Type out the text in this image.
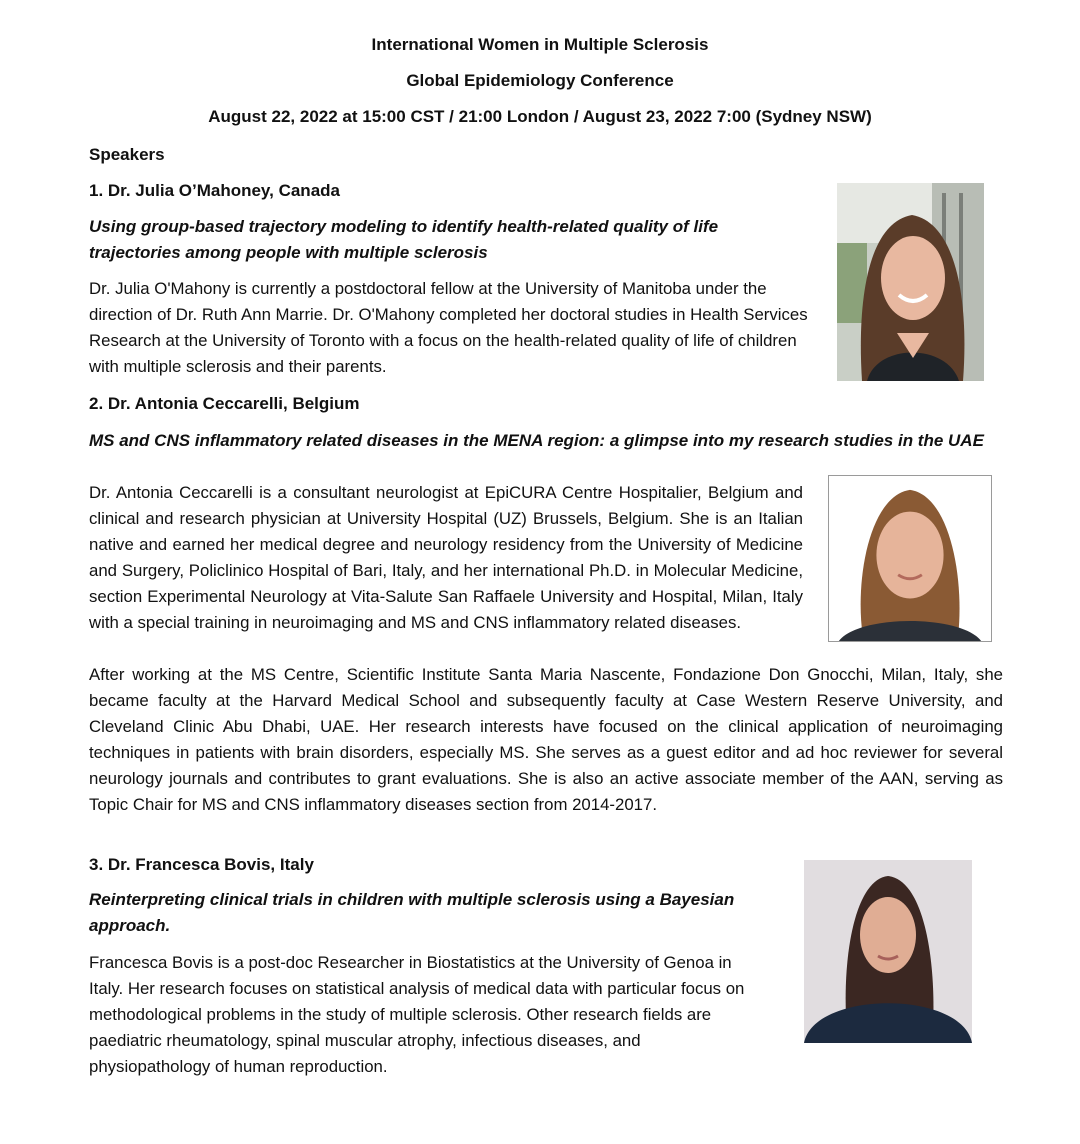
International Women in Multiple Sclerosis
Global Epidemiology Conference
August 22, 2022 at 15:00 CST / 21:00 London / August 23, 2022 7:00 (Sydney NSW)
Speakers
1. Dr. Julia O’Mahoney, Canada
Using group-based trajectory modeling to identify health-related quality of life trajectories among people with multiple sclerosis
Dr. Julia O'Mahony is currently a postdoctoral fellow at the University of Manitoba under the direction of Dr. Ruth Ann Marrie. Dr. O'Mahony completed her doctoral studies in Health Services Research at the University of Toronto with a focus on the health-related quality of life of children with multiple sclerosis and their parents.
2. Dr. Antonia Ceccarelli, Belgium
MS and CNS inflammatory related diseases in the MENA region: a glimpse into my research studies in the UAE
Dr. Antonia Ceccarelli is a consultant neurologist at EpiCURA Centre Hospitalier, Belgium and clinical and research physician at University Hospital (UZ) Brussels, Belgium. She is an Italian native and earned her medical degree and neurology residency from the University of Medicine and Surgery, Policlinico Hospital of Bari, Italy, and her international Ph.D. in Molecular Medicine, section Experimental Neurology at Vita-Salute San Raffaele University and Hospital, Milan, Italy with a special training in neuroimaging and MS and CNS inflammatory related diseases.
After working at the MS Centre, Scientific Institute Santa Maria Nascente, Fondazione Don Gnocchi, Milan, Italy, she became faculty at the Harvard Medical School and subsequently faculty at Case Western Reserve University, and Cleveland Clinic Abu Dhabi, UAE. Her research interests have focused on the clinical application of neuroimaging techniques in patients with brain disorders, especially MS. She serves as a guest editor and ad hoc reviewer for several neurology journals and contributes to grant evaluations. She is also an active associate member of the AAN, serving as Topic Chair for MS and CNS inflammatory diseases section from 2014-2017.
3. Dr. Francesca Bovis, Italy
Reinterpreting clinical trials in children with multiple sclerosis using a Bayesian approach.
Francesca Bovis is a post-doc Researcher in Biostatistics at the University of Genoa in Italy. Her research focuses on statistical analysis of medical data with particular focus on methodological problems in the study of multiple sclerosis. Other research fields are paediatric rheumatology, spinal muscular atrophy, infectious diseases, and physiopathology of human reproduction.
